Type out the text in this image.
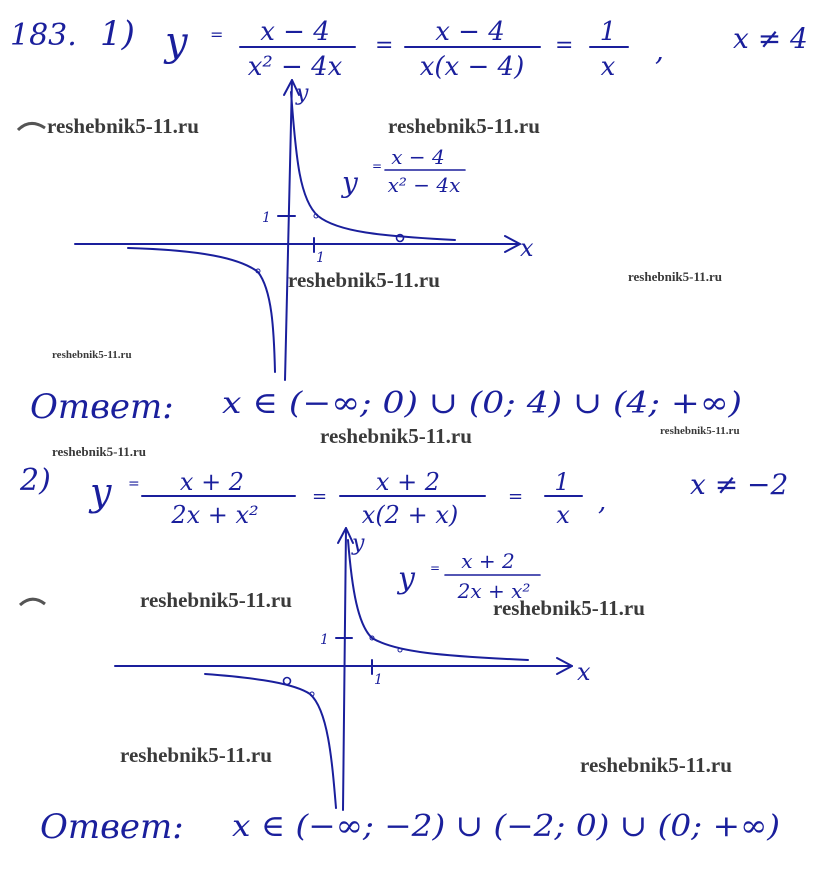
183. 1) y = x − 4
x² − 4x
= x − 4
x(x − 4)
= 1
x , x ≠ 4
x
y
1
1
y = x − 4
x² − 4x
Ответ: x ∈ (−∞; 0) ∪ (0; 4) ∪ (4; +∞)
2) y = x + 2
2x + x²
=
x + 2
x(2 + x)
=
1
x ,
x ≠ −2
x
y
1
1
y = x + 2
2x + x²
Ответ: x ∈ (−∞; −2) ∪ (−2; 0) ∪ (0; +∞)
reshebnik5-11.ru	reshebnik5-11.ru
reshebnik5-11.ru	reshebnik5-11.ru
reshebnik5-11.ru
reshebnik5-11.ru	reshebnik5-11.ru
reshebnik5-11.ru
reshebnik5-11.ru	reshebnik5-11.ru
reshebnik5-11.ru	reshebnik5-11.ru
